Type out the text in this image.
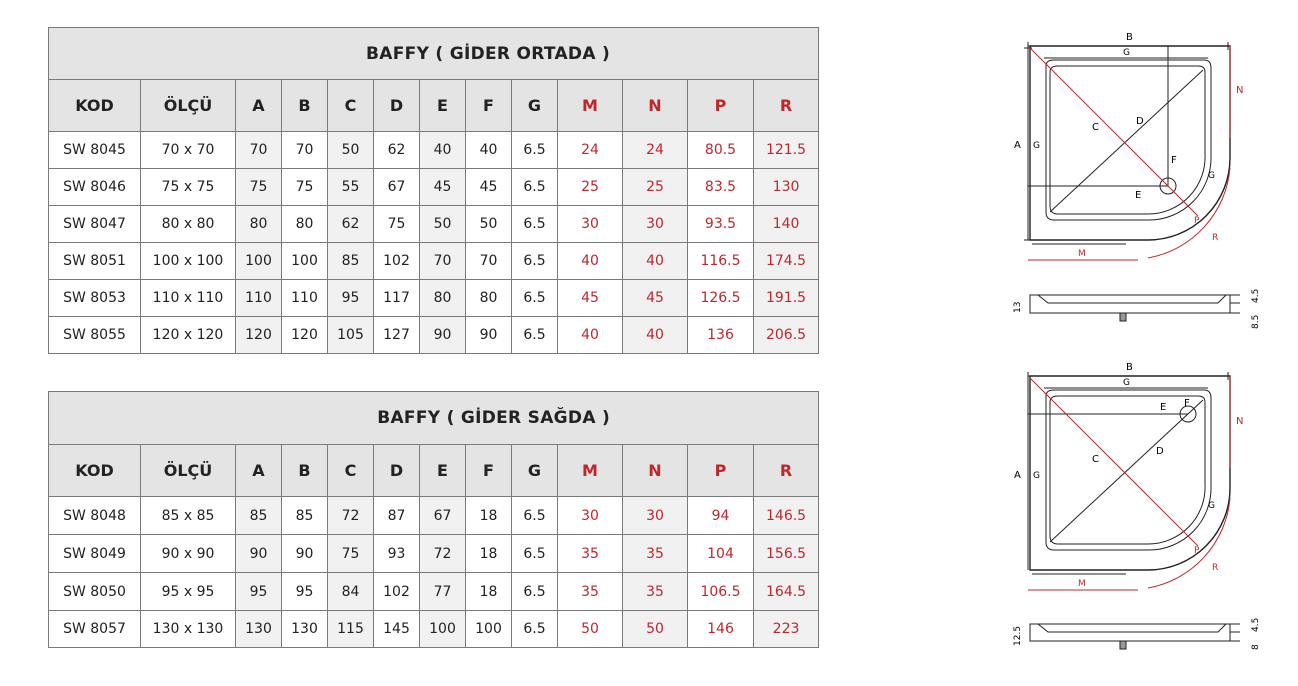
BAFFY ( GİDER ORTADA )												
KOD	ÖLÇÜ	A	B	C	D	E	F	G	M	N	P	R
SW 8045	70 x 70	70	70	50	62	40	40	6.5	24	24	80.5	121.5
SW 8046	75 x 75	75	75	55	67	45	45	6.5	25	25	83.5	130
SW 8047	80 x 80	80	80	62	75	50	50	6.5	30	30	93.5	140
SW 8051	100 x 100	100	100	85	102	70	70	6.5	40	40	116.5	174.5
SW 8053	110 x 110	110	110	95	117	80	80	6.5	45	45	126.5	191.5
SW 8055	120 x 120	120	120	105	127	90	90	6.5	40	40	136	206.5
BAFFY ( GİDER SAĞDA )												
KOD	ÖLÇÜ	A	B	C	D	E	F	G	M	N	P	R
SW 8048	85 x 85	85	85	72	87	67	18	6.5	30	30	94	146.5
SW 8049	90 x 90	90	90	75	93	72	18	6.5	35	35	104	156.5
SW 8050	95 x 95	95	95	84	102	77	18	6.5	35	35	106.5	164.5
SW 8057	130 x 130	130	130	115	145	100	100	6.5	50	50	146	223
B
G
A G
N
C
D
E
F
G
M
P
R
13
4.5
8.5
B
G
A G
N
C
D
E F
G
M
P
R
12.5
4.5
8
